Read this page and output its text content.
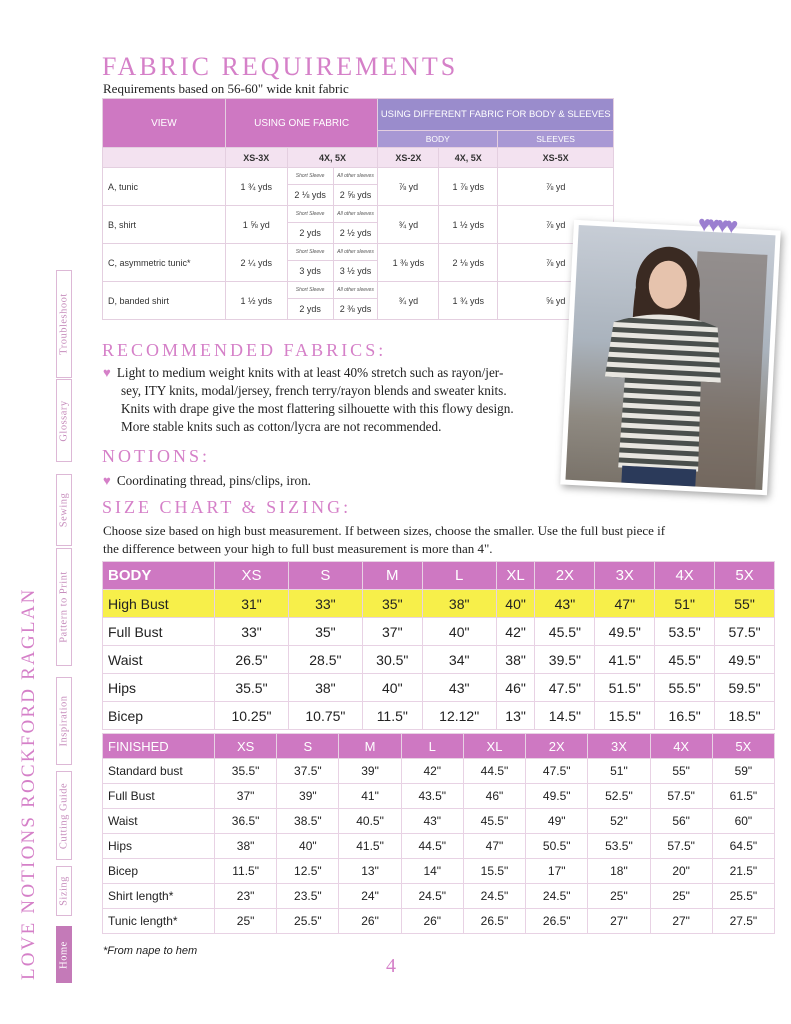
LOVE NOTIONS ROCKFORD RAGLAN
Troubleshoot
Glossary
Sewing
Pattern to Print
Inspiration
Cutting Guide
Sizing
Home
FABRIC REQUIREMENTS
Requirements based on 56-60" wide knit fabric
VIEW	USING ONE FABRIC			USING DIFFERENT FABRIC FOR BODY & SLEEVES		
				BODY		SLEEVES
	XS-3X	4X, 5X		XS-2X	4X, 5X	XS-5X
A, tunic	1 ¾ yds	Short Sleeve	All other sleeves	⅞ yd	1 ⅞ yds	⅞ yd
		2 ⅛ yds	2 ⅝ yds			
B, shirt	1 ⅝ yd	Short Sleeve	All other sleeves	¾ yd	1 ½ yds	⅞ yd
		2 yds	2 ½ yds			
C, asymmetric tunic*	2 ¼ yds	Short Sleeve	All other sleeves	1 ⅜ yds	2 ⅛ yds	⅞ yd
		3 yds	3 ½ yds			
D, banded shirt	1 ½ yds	Short Sleeve	All other sleeves	¾ yd	1 ¾ yds	⅝ yd
		2 yds	2 ⅜ yds			
♥♥♥♥
RECOMMENDED FABRICS:
♥ Light to medium weight knits with at least 40% stretch such as rayon/jer-
sey, ITY knits, modal/jersey, french terry/rayon blends and sweater knits.
Knits with drape give the most flattering silhouette with this flowy design.
More stable knits such as cotton/lycra are not recommended.
NOTIONS:
♥ Coordinating thread, pins/clips, iron.
SIZE CHART & SIZING:
Choose size based on high bust measurement. If between sizes, choose the smaller. Use the full bust piece if
the difference between your high to full bust measurement is more than 4".
BODY	XS	S	M	L	XL	2X	3X	4X	5X
High Bust	31"	33"	35"	38"	40"	43"	47"	51"	55"
Full Bust	33"	35"	37"	40"	42"	45.5"	49.5"	53.5"	57.5"
Waist	26.5"	28.5"	30.5"	34"	38"	39.5"	41.5"	45.5"	49.5"
Hips	35.5"	38"	40"	43"	46"	47.5"	51.5"	55.5"	59.5"
Bicep	10.25"	10.75"	11.5"	12.12"	13"	14.5"	15.5"	16.5"	18.5"
FINISHED	XS	S	M	L	XL	2X	3X	4X	5X
Standard bust	35.5"	37.5"	39"	42"	44.5"	47.5"	51"	55"	59"
Full Bust	37"	39"	41"	43.5"	46"	49.5"	52.5"	57.5"	61.5"
Waist	36.5"	38.5"	40.5"	43"	45.5"	49"	52"	56"	60"
Hips	38"	40"	41.5"	44.5"	47"	50.5"	53.5"	57.5"	64.5"
Bicep	11.5"	12.5"	13"	14"	15.5"	17"	18"	20"	21.5"
Shirt length*	23"	23.5"	24"	24.5"	24.5"	24.5"	25"	25"	25.5"
Tunic length*	25"	25.5"	26"	26"	26.5"	26.5"	27"	27"	27.5"
*From nape to hem
4
